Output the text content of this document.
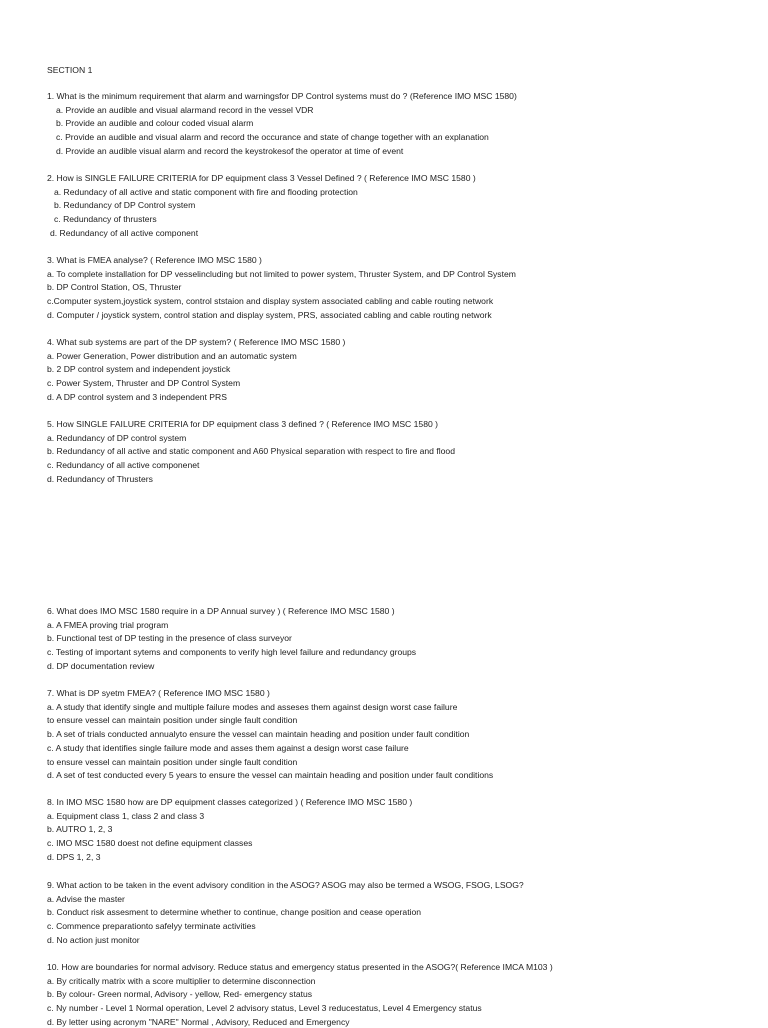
SECTION 1
1. What is the minimum requirement that alarm and warningsfor DP Control systems must do ? (Reference IMO MSC 1580)
a. Provide an audible and visual alarmand record in the vessel VDR
b. Provide an audible and colour coded visual alarm
c. Provide an audible and visual alarm and record the occurance and state of change together with an explanation
d. Provide an audible visual alarm and record the keystrokesof the operator at time of event
2. How is SINGLE FAILURE CRITERIA for DP equipment class 3 Vessel Defined ? ( Reference IMO MSC 1580 )
a. Redundacy of all active and static component with fire and flooding protection
b. Redundancy of DP Control system
c. Redundancy of thrusters
d. Redundancy of all active component
3. What is FMEA analyse? ( Reference IMO MSC 1580 )
a. To complete installation for DP vesselincluding but not limited to power system, Thruster System, and DP Control System
b. DP Control Station, OS, Thruster
c.Computer system,joystick system, control ststaion and display system associated cabling and cable routing network
d. Computer / joystick system, control station and display system, PRS, associated cabling and cable routing network
4. What sub systems are part of the DP system? ( Reference IMO MSC 1580 )
a. Power Generation, Power distribution and an automatic system
b. 2 DP control system and independent joystick
c. Power System, Thruster and DP Control System
d. A DP control system and 3 independent PRS
5. How SINGLE FAILURE CRITERIA for DP equipment class 3 defined ? ( Reference IMO MSC 1580 )
a. Redundancy of DP control system
b. Redundancy of all active and static component and A60 Physical separation with respect to fire and flood
c. Redundancy of all active componenet
d. Redundancy of Thrusters
6. What does IMO MSC 1580 require in a DP Annual survey ) ( Reference IMO MSC 1580 )
a. A FMEA proving trial program
b. Functional test of DP testing in the presence of class surveyor
c. Testing of important sytems and components to verify high level failure and redundancy groups
d. DP documentation review
7. What is DP syetm FMEA? ( Reference IMO MSC 1580 )
a. A study that identify single and multiple failure modes and asseses them against design worst case failure
to ensure vessel can maintain position under single fault condition
b. A set of trials conducted annualyto ensure the vessel can maintain heading and position under fault condition
c. A study that identifies single failure mode and asses them against a design worst case failure
to ensure vessel can maintain position under single fault condition
d. A set of test conducted every 5 years to ensure the vessel can maintain heading and position under fault conditions
8. In IMO MSC 1580 how are DP equipment classes categorized ) ( Reference IMO MSC 1580 )
a. Equipment class 1, class 2 and class 3
b. AUTRO 1, 2, 3
c. IMO MSC 1580 doest not define equipment classes
d. DPS 1, 2, 3
9. What action to be taken in the event advisory condition in the ASOG? ASOG may also be termed a WSOG, FSOG, LSOG?
a. Advise the master
b. Conduct risk assesment to determine whether to continue, change position and cease operation
c. Commence preparationto safelyy terminate activities
d. No action just monitor
10. How are boundaries for normal advisory. Reduce status and emergency status presented in the ASOG?( Reference IMCA M103 )
a. By critically matrix with a score multiplier to determine disconnection
b. By colour- Green normal, Advisory - yellow, Red- emergency status
c. Ny number - Level 1 Normal operation, Level 2 advisory status, Level 3 reducestatus, Level 4 Emergency status
d. By letter using acronym "NARE" Normal , Advisory, Reduced and Emergency
